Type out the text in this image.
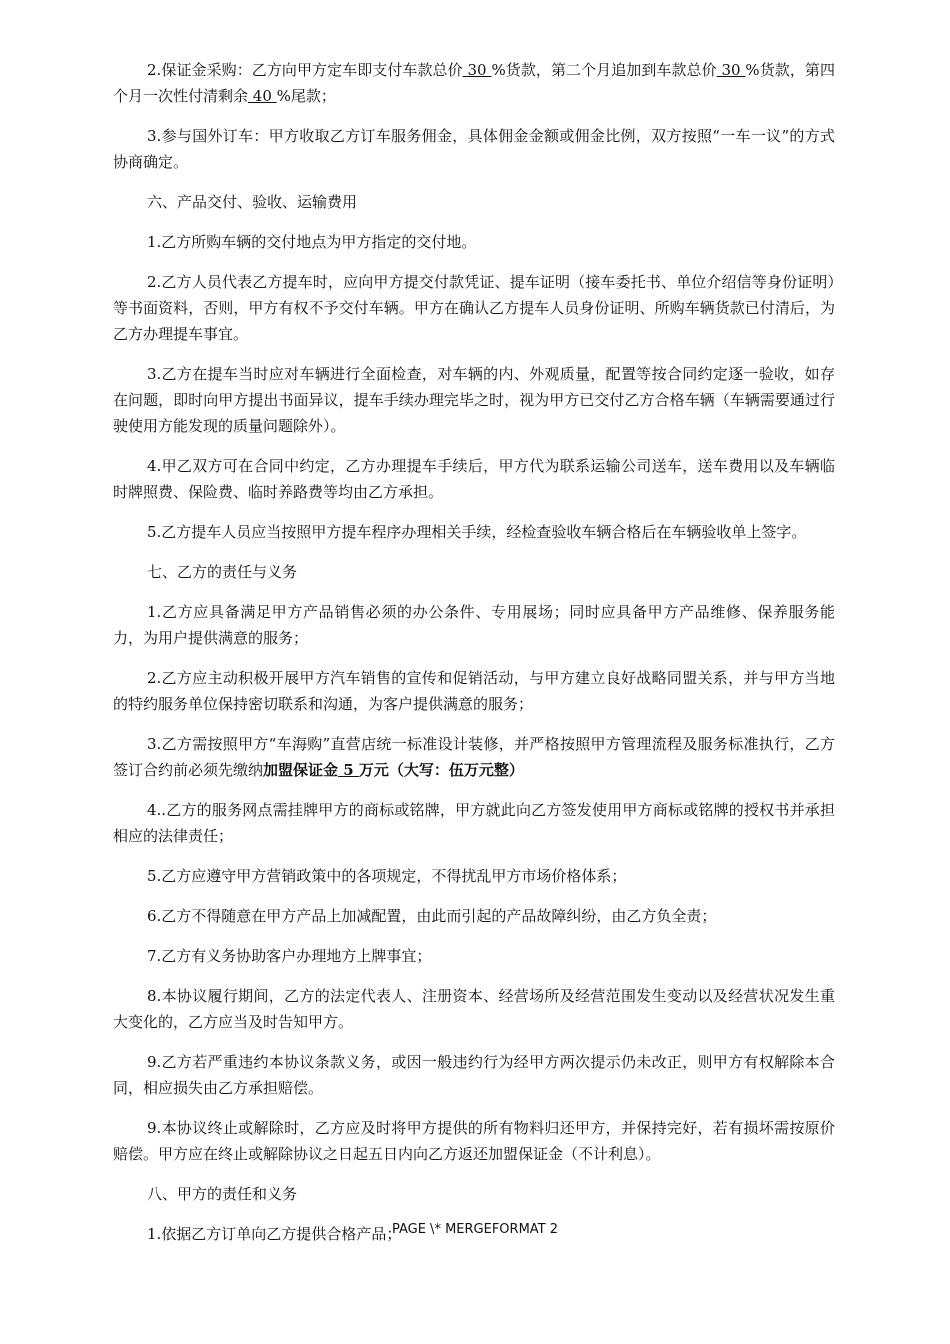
2.保证金采购：乙方向甲方定车即支付车款总价 30 %货款，第二个月追加到车款总价 30 %货款，第四个月一次性付清剩余 40 %尾款；

3.参与国外订车：甲方收取乙方订车服务佣金，具体佣金金额或佣金比例，双方按照“一车一议”的方式协商确定。

六、产品交付、验收、运输费用

1.乙方所购车辆的交付地点为甲方指定的交付地。

2.乙方人员代表乙方提车时，应向甲方提交付款凭证、提车证明（接车委托书、单位介绍信等身份证明）等书面资料，否则，甲方有权不予交付车辆。甲方在确认乙方提车人员身份证明、所购车辆货款已付清后，为乙方办理提车事宜。

3.乙方在提车当时应对车辆进行全面检查，对车辆的内、外观质量，配置等按合同约定逐一验收，如存在问题，即时向甲方提出书面异议，提车手续办理完毕之时，视为甲方已交付乙方合格车辆（车辆需要通过行驶使用方能发现的质量问题除外）。

4.甲乙双方可在合同中约定，乙方办理提车手续后，甲方代为联系运输公司送车，送车费用以及车辆临时牌照费、保险费、临时养路费等均由乙方承担。

5.乙方提车人员应当按照甲方提车程序办理相关手续，经检查验收车辆合格后在车辆验收单上签字。

七、乙方的责任与义务

1.乙方应具备满足甲方产品销售必须的办公条件、专用展场；同时应具备甲方产品维修、保养服务能力，为用户提供满意的服务；

2.乙方应主动积极开展甲方汽车销售的宣传和促销活动，与甲方建立良好战略同盟关系，并与甲方当地的特约服务单位保持密切联系和沟通，为客户提供满意的服务；

3.乙方需按照甲方“车海购”直营店统一标准设计装修，并严格按照甲方管理流程及服务标准执行，乙方签订合约前必须先缴纳加盟保证金 5 万元（大写：伍万元整）

4..乙方的服务网点需挂牌甲方的商标或铭牌，甲方就此向乙方签发使用甲方商标或铭牌的授权书并承担相应的法律责任；

5.乙方应遵守甲方营销政策中的各项规定，不得扰乱甲方市场价格体系；

6.乙方不得随意在甲方产品上加减配置，由此而引起的产品故障纠纷，由乙方负全责；

7.乙方有义务协助客户办理地方上牌事宜；

8.本协议履行期间，乙方的法定代表人、注册资本、经营场所及经营范围发生变动以及经营状况发生重大变化的，乙方应当及时告知甲方。

9.乙方若严重违约本协议条款义务，或因一般违约行为经甲方两次提示仍未改正，则甲方有权解除本合同，相应损失由乙方承担赔偿。

9.本协议终止或解除时，乙方应及时将甲方提供的所有物料归还甲方，并保持完好，若有损坏需按原价赔偿。甲方应在终止或解除协议之日起五日内向乙方返还加盟保证金（不计利息）。

八、甲方的责任和义务

1.依据乙方订单向乙方提供合格产品；

PAGE \* MERGEFORMAT 2
